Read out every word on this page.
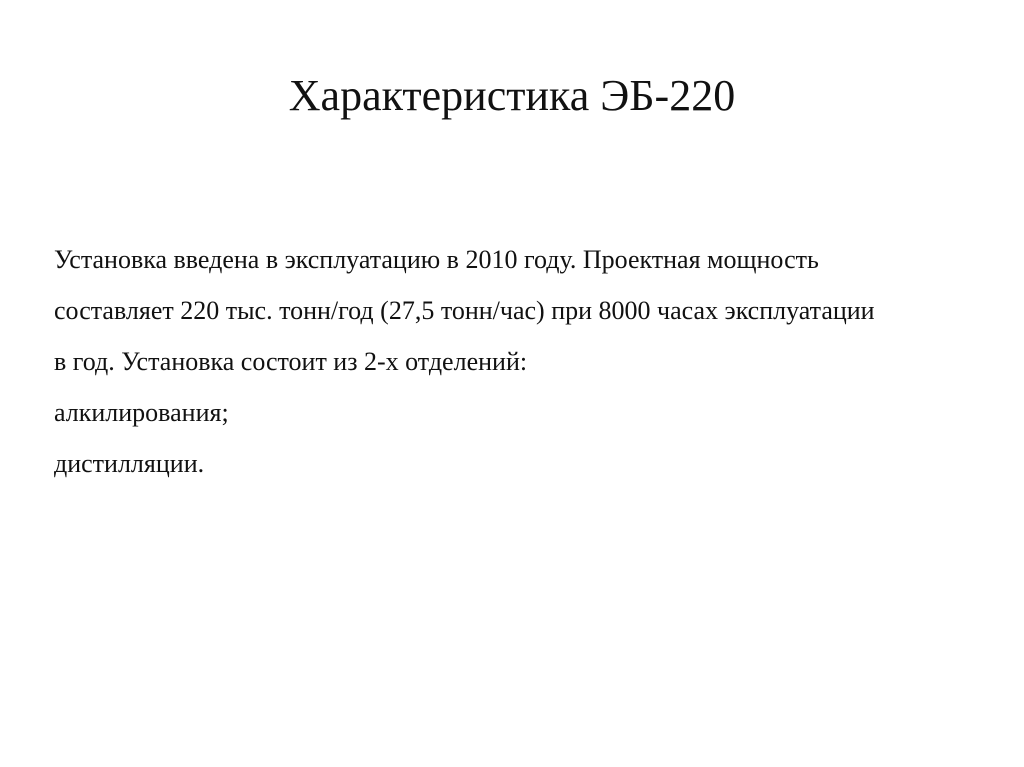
Характеристика ЭБ-220

Установка введена в эксплуатацию в 2010 году. Проектная мощность

составляет 220 тыс. тонн/год (27,5 тонн/час) при 8000 часах эксплуатации

в год. Установка состоит из 2-х отделений:

алкилирования;

дистилляции.
